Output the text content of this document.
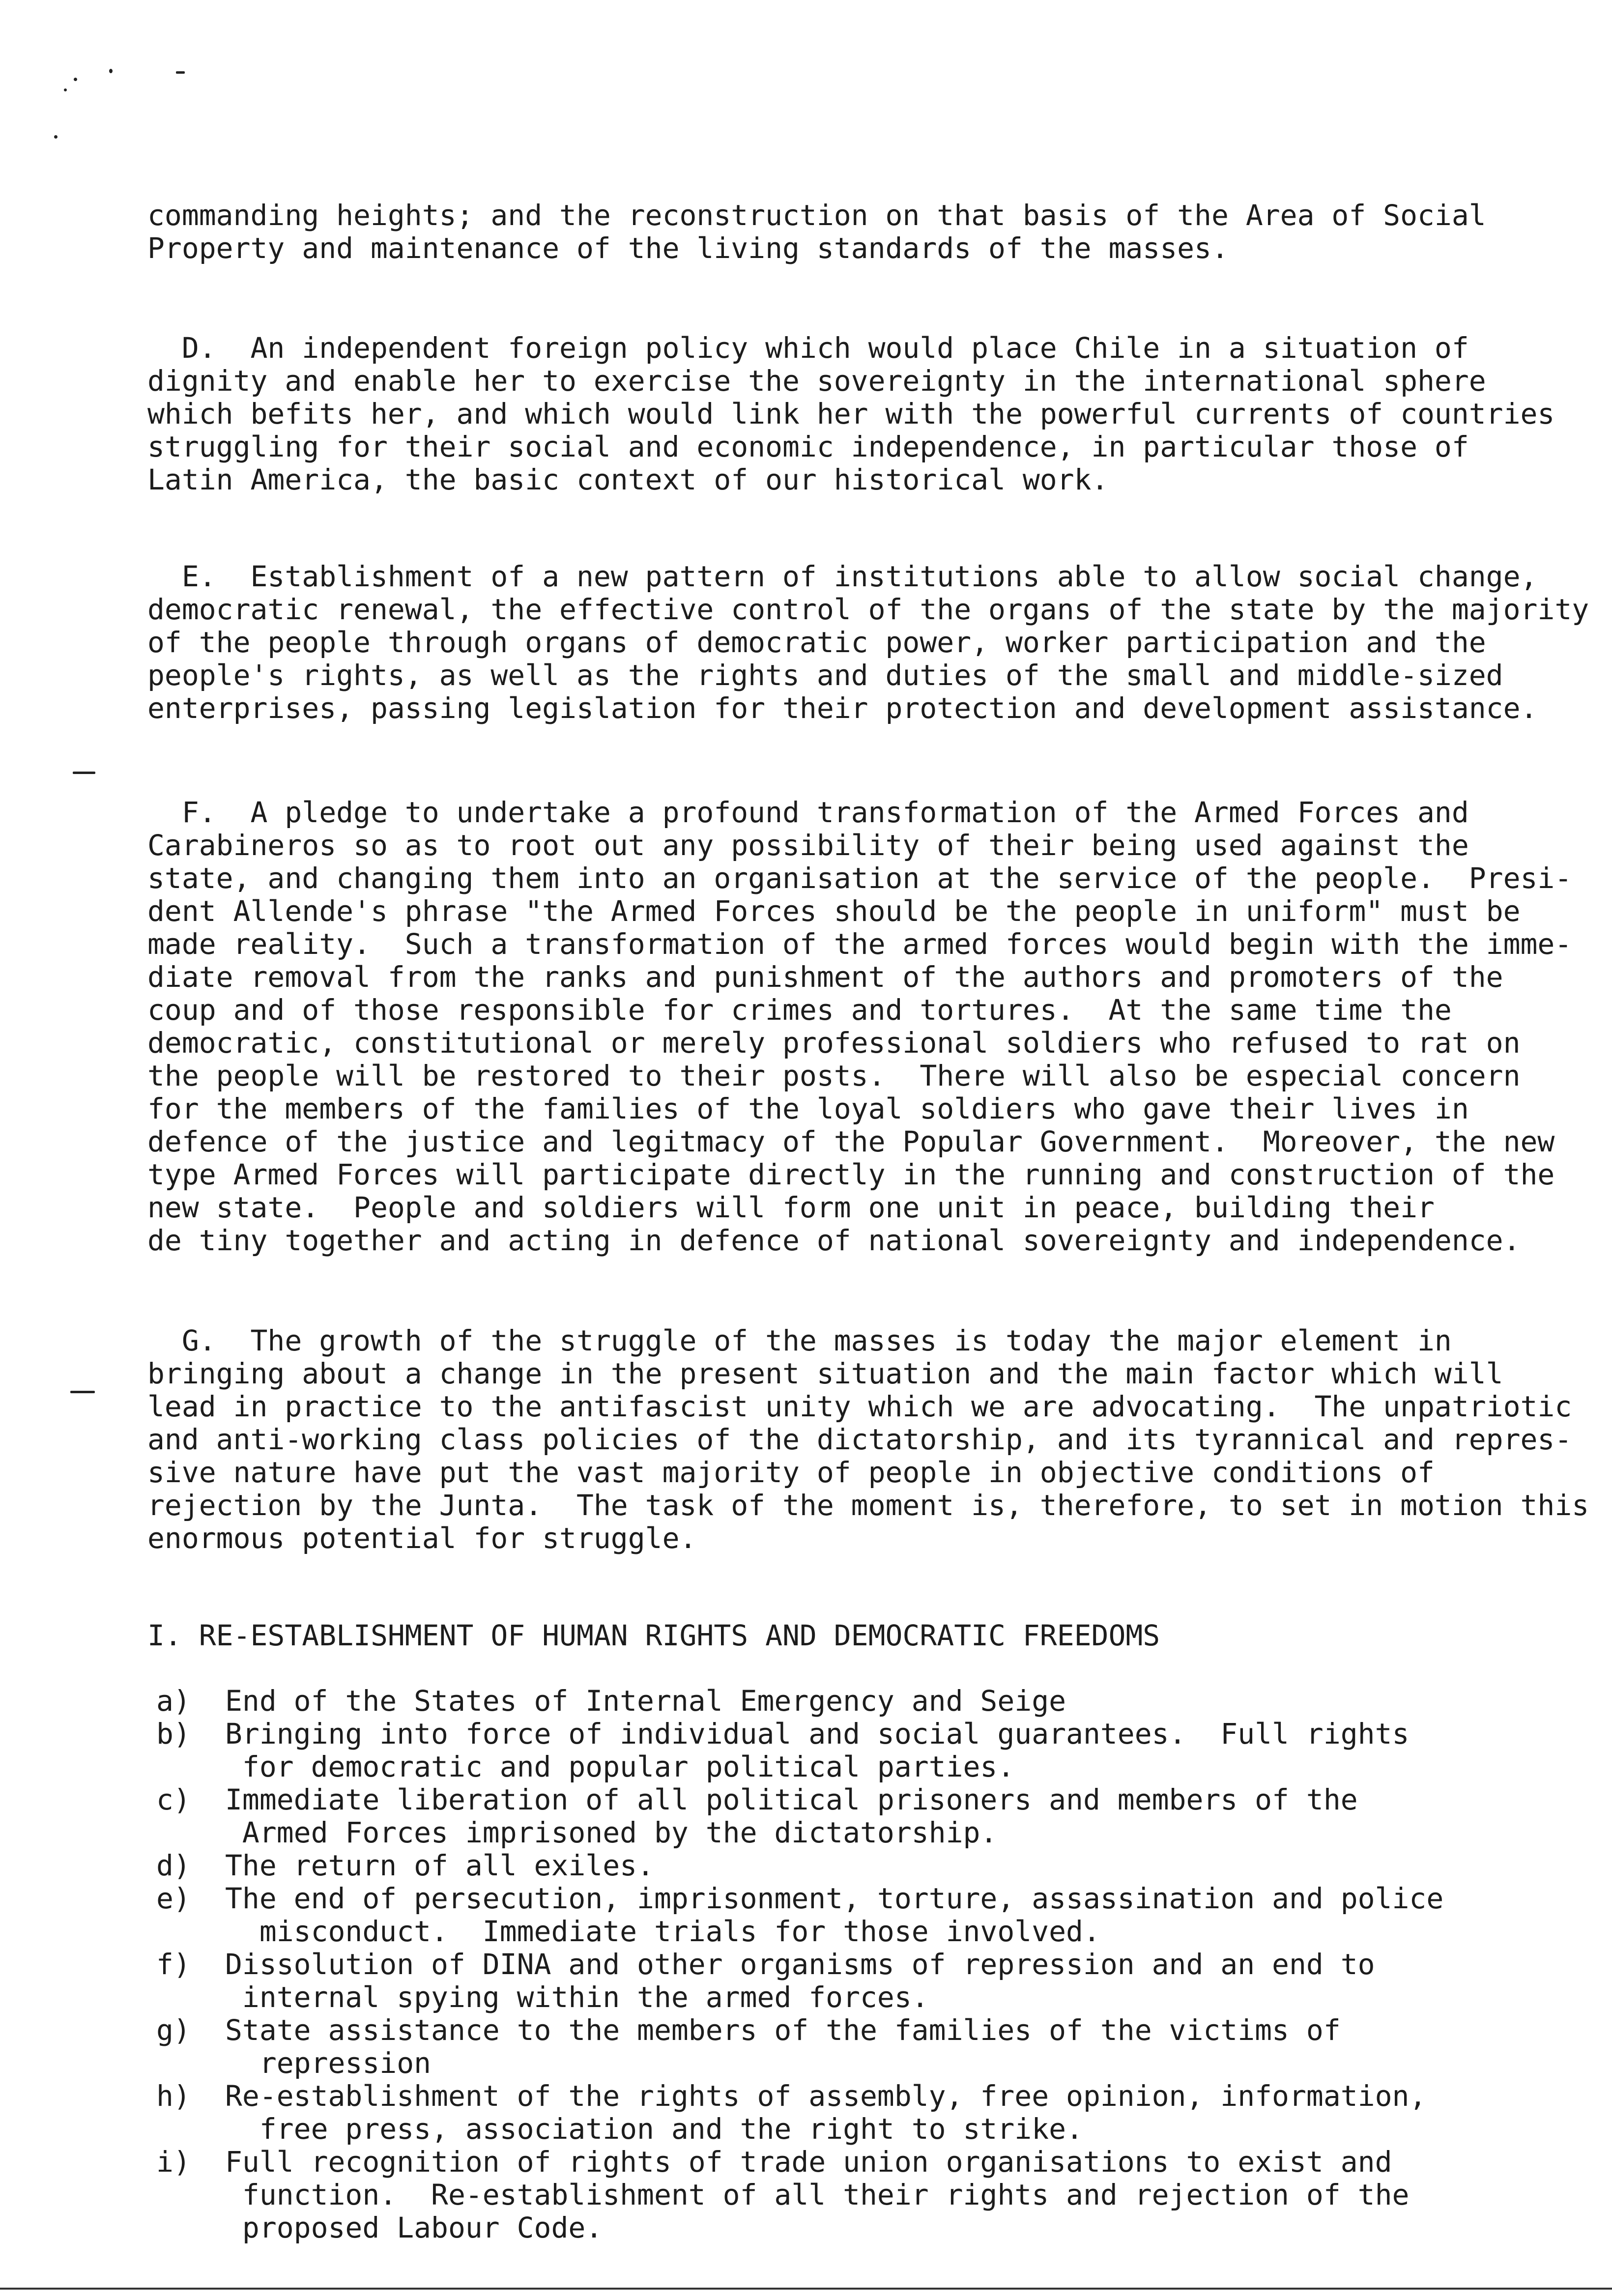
commanding heights; and the reconstruction on that basis of the Area of Social
Property and maintenance of the living standards of the masses.

D.  An independent foreign policy which would place Chile in a situation of
dignity and enable her to exercise the sovereignty in the international sphere
which befits her, and which would link her with the powerful currents of countries
struggling for their social and economic independence, in particular those of
Latin America, the basic context of our historical work.

E.  Establishment of a new pattern of institutions able to allow social change,
democratic renewal, the effective control of the organs of the state by the majority
of the people through organs of democratic power, worker participation and the
people's rights, as well as the rights and duties of the small and middle-sized
enterprises, passing legislation for their protection and development assistance.

F.  A pledge to undertake a profound transformation of the Armed Forces and
Carabineros so as to root out any possibility of their being used against the
state, and changing them into an organisation at the service of the people.  Presi-
dent Allende's phrase "the Armed Forces should be the people in uniform" must be
made reality.  Such a transformation of the armed forces would begin with the imme-
diate removal from the ranks and punishment of the authors and promoters of the
coup and of those responsible for crimes and tortures.  At the same time the
democratic, constitutional or merely professional soldiers who refused to rat on
the people will be restored to their posts.  There will also be especial concern
for the members of the families of the loyal soldiers who gave their lives in
defence of the justice and legitmacy of the Popular Government.  Moreover, the new
type Armed Forces will participate directly in the running and construction of the
new state.  People and soldiers will form one unit in peace, building their
de tiny together and acting in defence of national sovereignty and independence.

G.  The growth of the struggle of the masses is today the major element in
bringing about a change in the present situation and the main factor which will
lead in practice to the antifascist unity which we are advocating.  The unpatriotic
and anti-working class policies of the dictatorship, and its tyrannical and repres-
sive nature have put the vast majority of people in objective conditions of
rejection by the Junta.  The task of the moment is, therefore, to set in motion this
enormous potential for struggle.

I. RE-ESTABLISHMENT OF HUMAN RIGHTS AND DEMOCRATIC FREEDOMS

a)	End of the States of Internal Emergency and Seige
b)	Bringing into force of individual and social guarantees.  Full rights
for democratic and popular political parties.
c)	Immediate liberation of all political prisoners and members of the
Armed Forces imprisoned by the dictatorship.
d)	The return of all exiles.
e)	The end of persecution, imprisonment, torture, assassination and police
misconduct.  Immediate trials for those involved.
f)	Dissolution of DINA and other organisms of repression and an end to
internal spying within the armed forces.
g)	State assistance to the members of the families of the victims of
repression
h)	Re-establishment of the rights of assembly, free opinion, information,
free press, association and the right to strike.
i)	Full recognition of rights of trade union organisations to exist and
function.  Re-establishment of all their rights and rejection of the
proposed Labour Code.
